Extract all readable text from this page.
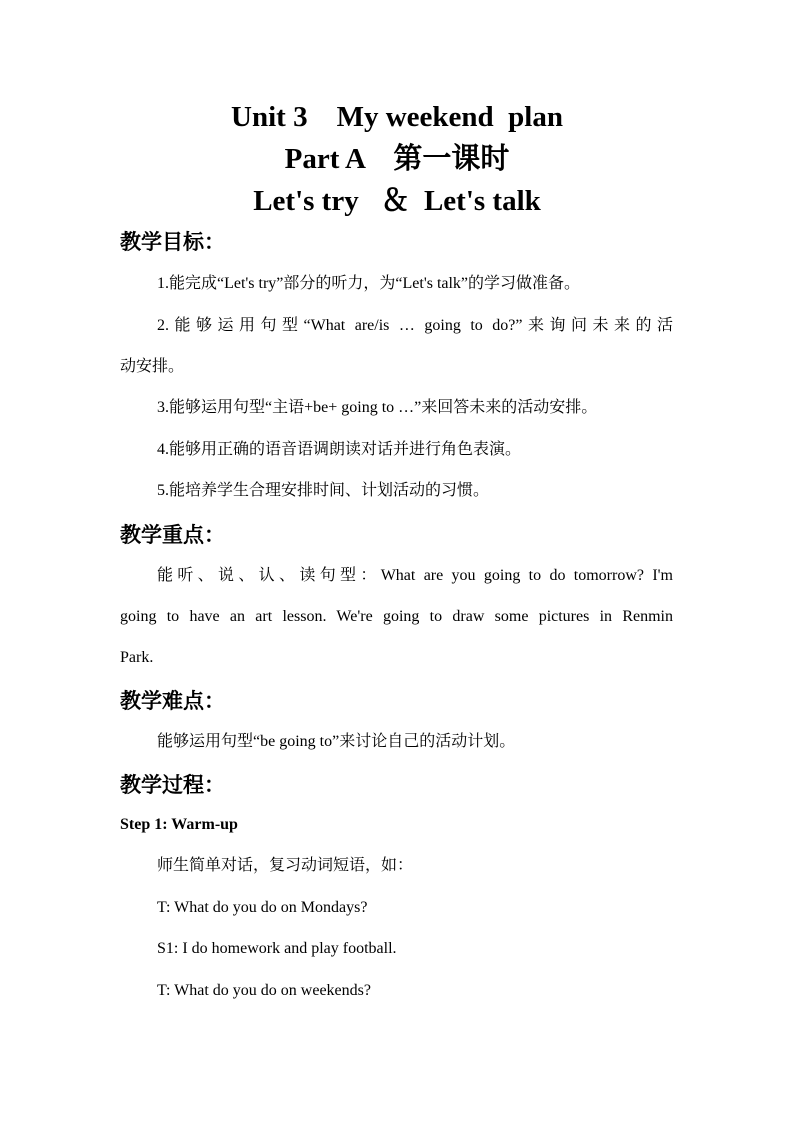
Unit 3    My weekend  plan
Part A    第一课时
Let's try   ＆  Let's talk
教学目标：
1.能完成“Let's try”部分的听力，为“Let's talk”的学习做准备。
2.能够运用句型“What are/is … going to do?”来询问未来的活
动安排。
3.能够运用句型“主语+be+ going to …”来回答未来的活动安排。
4.能够用正确的语音语调朗读对话并进行角色表演。
5.能培养学生合理安排时间、计划活动的习惯。
教学重点：
能听、说、认、读句型：What are you going to do tomorrow? I'm
going to have an art lesson. We're going to draw some pictures in Renmin
Park.
教学难点：
能够运用句型“be going to”来讨论自己的活动计划。
教学过程：
Step 1: Warm-up
师生简单对话，复习动词短语，如：
T: What do you do on Mondays?
S1: I do homework and play football.
T: What do you do on weekends?
